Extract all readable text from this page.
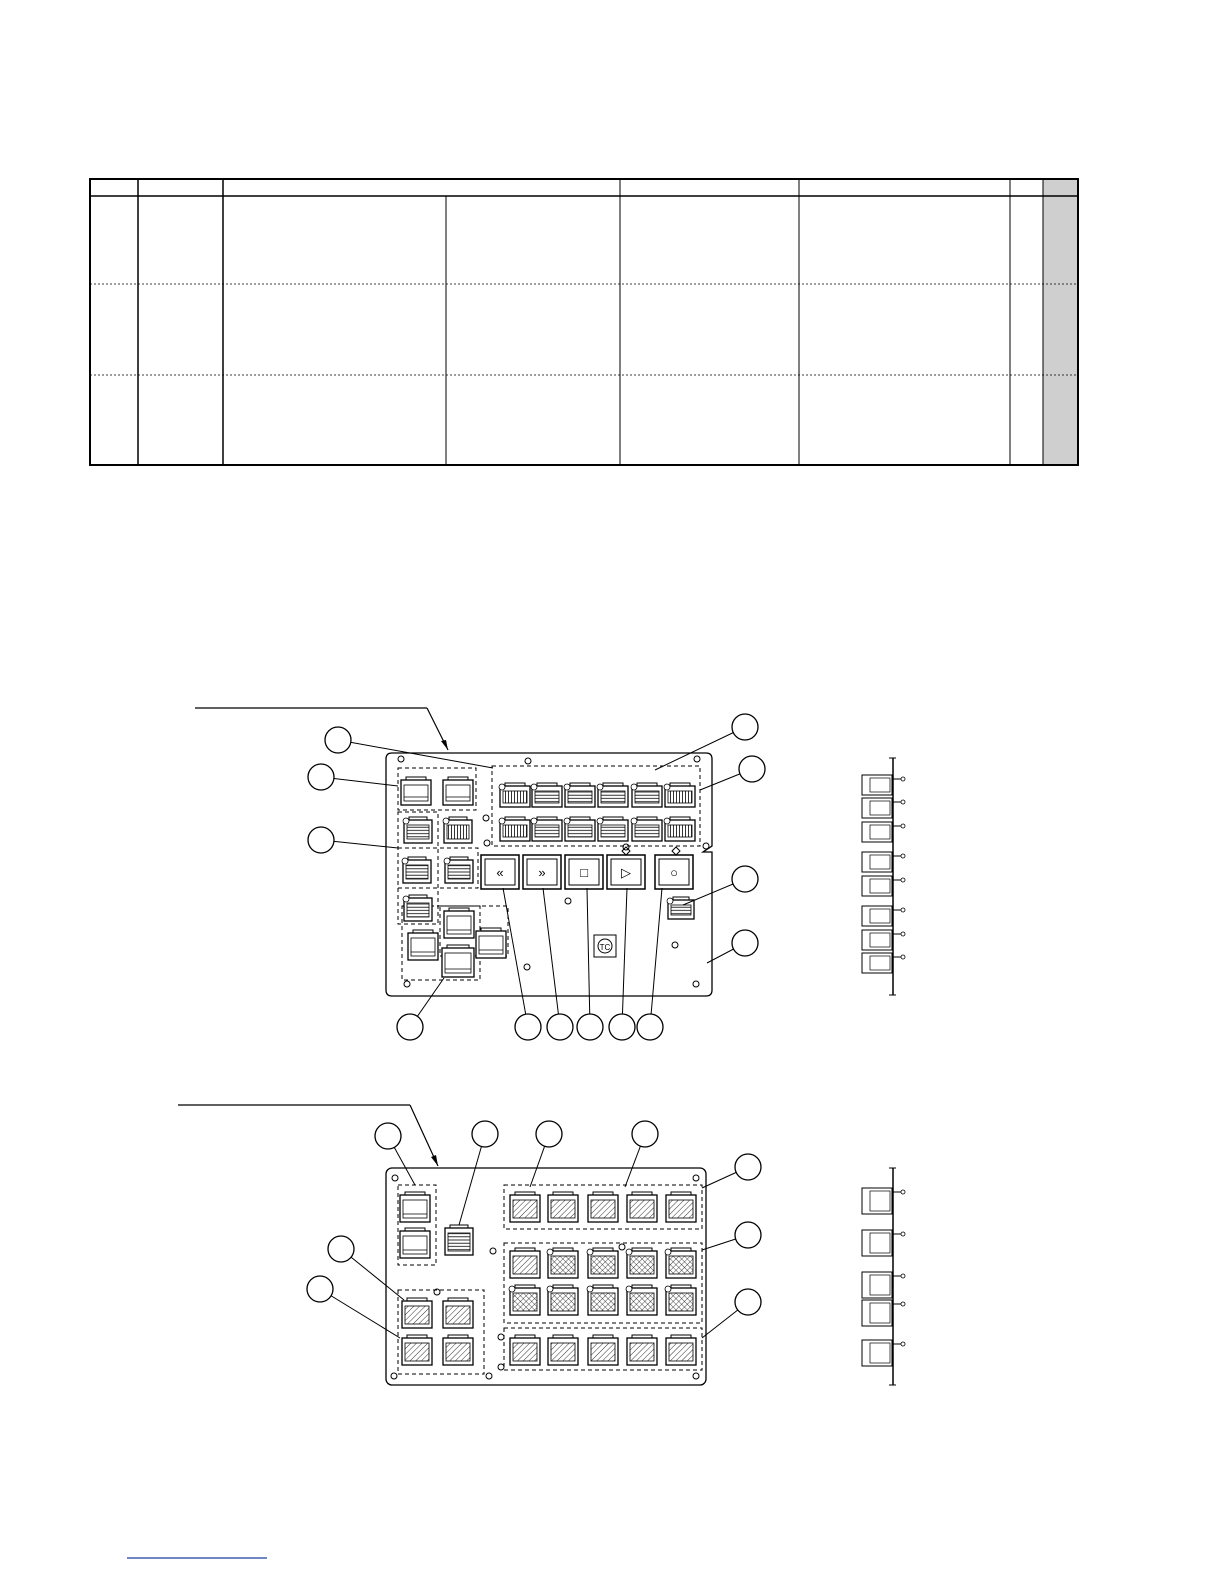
«	»	□	▷	○
TC
